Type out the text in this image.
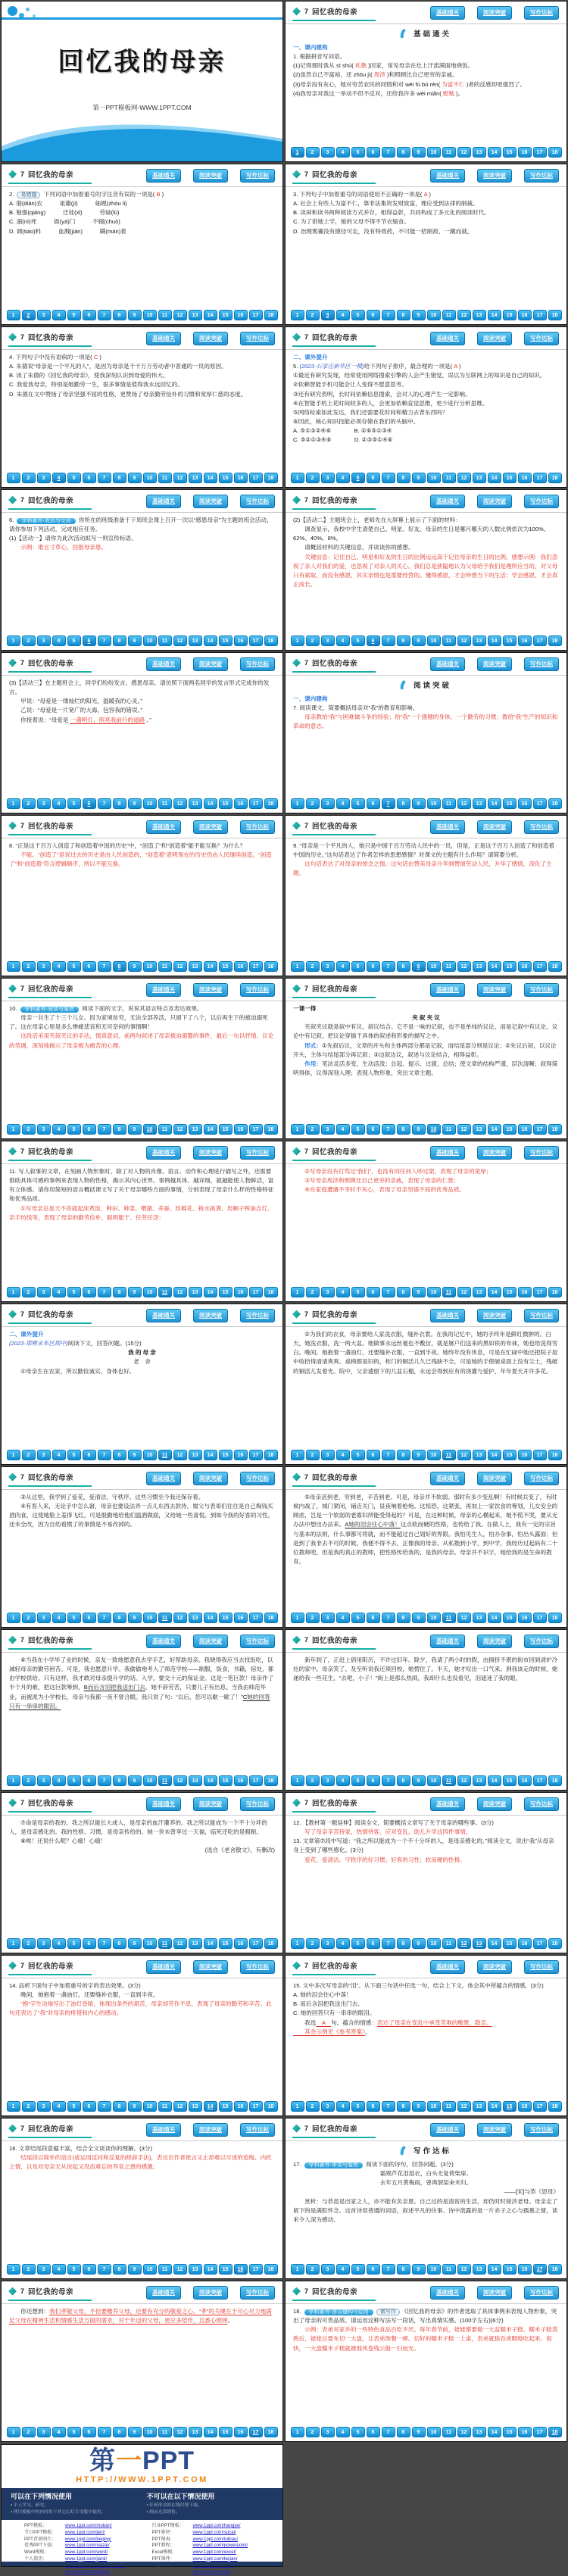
回忆我的母亲
第一PPT模板网-WWW.1PPT.COM
7 回忆我的母亲	基础通关	阅读突破	写作达标
基础通关
一、课内建构
1. 根据拼音写词语。
(1)记得那时我从 sī shú( 私塾 )回家，常见母亲在灶上汗流满面地烧饭。
(2)虽然自己不富裕，还 zhōu jì( 周济 )和照顾比自己更穷的亲戚。
(3)母亲没有灰心，她对穷苦农民的同情和对 wéi fù bù rén( 为富不仁 )者的反感却更强烈了。
(4)我母亲对我这一举动不但不反对，还给我许多 wèi miǎn( 慰勉 )。
1	2	3	4	5	6	7	8	9	10	11	12	13	14	15	16	17	18
7 回忆我的母亲	基础通关	阅读突破	写作达标
2. 易错题 下列词语中加着重号的字注音有误的一项是( B )
A. 佃(diàn)农　　　祖籍(jí)　　　妯娌(zhóu li)
B. 勉强(qiáng)　　　迁徙(xǐ)　　　劳碌(lù)
C. 溺(nì)死　　　衙(yá)门　　　不辍(chuò)
D. 调(tiáo)料　　　血溅(jiàn)　　　瞒(mán)着
1	2	3	4	5	6	7	8	9	10	11	12	13	14	15	16	17	18
7 回忆我的母亲	基础通关	阅读突破	写作达标
3. 下列句子中加着重号的词语使用不正确的一项是( A )
A. 社会上有些人为富不仁，靠非法集资发财致富，理应受到法律的制裁。
B. 读屏和读书两种阅读方式并存，相得益彰，共同构成了多元化的阅读时代。
C. 为了供她上学，她的父母不得不节衣缩食。
D. 治理雾霾没有捷径可走，没有特效药，不可能一招制敌、一蹴而就。
1	2	3	4	5	6	7	8	9	10	11	12	13	14	15	16	17	18
7 回忆我的母亲	基础通关	阅读突破	写作达标
4. 下列句子中没有语病的一项是( C )
A. 朱德说“母亲是一个平凡的人”，是因为母亲是千千万万劳动者中普通的一员的原因。
B. 读了朱德的《回忆我的母亲》，使我深刻认识到母爱的伟大。
C. 我爱我母亲，特别是她勤劳一生，很多事情是值得我永远回忆的。
D. 朱德在文中赞扬了母亲坚强不屈的性格，更赞扬了母亲勤劳俭朴的习惯和宽厚仁慈的态度。
1	2	3	4	5	6	7	8	9	10	11	12	13	14	15	16	17	18
7 回忆我的母亲	基础通关	阅读突破	写作达标
二、课外提升
5. (2023·石家庄新华区一模)给下列句子排序，最合理的一项是( A )
①最近有研究发现，经常使用网络搜索引擎的人会产生错觉，误以为互联网上的知识是自己的知识。
②依赖智能手机可能会让人变得不愿意思考。
③还有研究表明，长时间依赖信息搜索，会对人的心理产生一定影响。
④在智能手机上花时间较多的人，会更加依赖直觉思维，更少进行分析思维。
⑤网络检索如此发达，我们还需要花时间和精力去背东西吗？
⑥因此，核心知识技能必须存储在我们的头脑中。
A. ⑤①③②④⑥　　　　B. ②⑥⑤①③④
C. ⑤②①③④⑥　　　　D. ②③⑤①④⑥
1	2	3	4	5	6	7	8	9	10	11	12	13	14	15	16	17	18
7 回忆我的母亲	基础通关	阅读突破	写作达标
6. 学科素养·表达与交流 你所在的班级准备于下周班会课上召开一次以“感恩母亲”为主题的班会活动，请你参加下列活动，完成相应任务。
(1)【活动一】请你为此次活动拟写一则宣传标语。
　　示例：谁言寸草心，回报母亲恩。
1	2	3	4	5	6	7	8	9	10	11	12	13	14	15	16	17	18
7 回忆我的母亲	基础通关	阅读突破	写作达标
(2)【活动二】主题班会上，老师先在大屏幕上展示了下面的材料：
　　调查显示，我校中学生清楚自己、明星、好友、母亲的生日是哪月哪天的人数比例依次为100%、62%、40%、8%。
　　请概括材料的关键信息，并谈谈你的感想。
　　关键信息：记住自己、明星和好友的生日的比例远远高于记住母亲的生日的比例。感想示例：我们忽视了亲人对我们的爱，也忽视了对亲人的关心。我们总是狭隘地认为父母给予我们是理所应当的，对父母只有索取，而没有感恩，其实亲情也是需要经营的。懂得感恩，才会珍惜当下的生活；学会感恩，才会真正成长。
1	2	3	4	5	6	7	8	9	10	11	12	13	14	15	16	17	18
7 回忆我的母亲	基础通关	阅读突破	写作达标
(3)【活动三】在主题班会上，同学们纷纷发言，感恩母亲。请仿照下面两名同学的发言形式完成你的发言。
　　甲说：“母爱是一缕灿烂的阳光，温暖我的心灵。”
　　乙说：“母爱是一片宽广的大海，包容我的错误。”
　　你接着说：“母爱是 一盏明灯，照亮我前行的道路 。”
1	2	3	4	5	6	7	8	9	10	11	12	13	14	15	16	17	18
7 回忆我的母亲	基础通关	阅读突破	写作达标
阅读突破
一、课内建构
7. 阅读课文，简要概括母亲对“我”的教育和影响。
　　母亲教给“我”与困难做斗争的经验；给“我”一个强健的身体，一个勤劳的习惯；教给“我”生产的知识和革命的意志。
1	2	3	4	5	6	7	8	9	10	11	12	13	14	15	16	17	18
7 回忆我的母亲	基础通关	阅读突破	写作达标
8. “正是这千百万人创造了和创造着中国的历史”中，“创造了”和“创造着”能不能互换？为什么？
　　不能。“创造了”是说过去的历史是由人民创造的，“创造着”表明现在的历史仍由人民继续创造。“创造了”和“创造着”符合逻辑顺序，所以不能互换。
1	2	3	4	5	6	7	8	9	10	11	12	13	14	15	16	17	18
7 回忆我的母亲	基础通关	阅读突破	写作达标
9. “母亲是一个平凡的人，她只是中国千百万劳动人民中的一员，但是，正是这千百万人创造了和创造着中国的历史。”这句话表达了作者怎样的思想感情？对课文的主题有什么作用？请简要分析。
　　这句话表达了对母亲的悼念之情。这句话由赞美母亲升华到赞颂劳动人民，升华了感情，深化了主题。
1	2	3	4	5	6	7	8	9	10	11	12	13	14	15	16	17	18
7 回忆我的母亲	基础通关	阅读突破	写作达标
10. 学科素养·阅读与鉴赏 阅读下面的文字，说说其语言特点及表达效果。
　　母亲一共生了十三个儿女。因为家境贫穷，无法全部养活，只留下了八个，以后再生下的被迫溺死了。这在母亲心里是多么惨痛悲哀和无可奈何的事情啊！
　　这段话采用夹叙夹议的手法，情真意切。前两句叙述了母亲被迫溺婴的事件，最后一句以抒情、议论的笔调，深刻地揭示了母亲极为痛苦的心理。
1	2	3	4	5	6	7	8	9	10	11	12	13	14	15	16	17	18
7 回忆我的母亲	基础通关	阅读突破	写作达标
一课一得
夹 叙 夹 议
　　夹叙夹议就是叙中有议，叙议结合。它不是一味的记叙，也不是单纯的议论，而是记叙中有议论，议论中有记叙，把议论穿插于具体的叙述和形象的描写之中。
　　形式：①先叙后议，文章的开头和主体两部分都是记叙，而结尾部分则是议论；②先议后叙，以议论开头，主体与结尾部分再记叙；③边叙边议，叙述与议论结合，相得益彰。
　　作用：笔法灵活多变、生动活泼；总起、提示、过渡、总结；使文章的结构严谨，层次清晰；叙得简明得体，议得深刻入理；表现人物形象，突出文章主题。
1	2	3	4	5	6	7	8	9	10	11	12	13	14	15	16	17	18
7 回忆我的母亲	基础通关	阅读突破	写作达标
11. 写人叙事的文章，在刻画人物形象时，除了对人物的肖像、语言、动作和心理进行描写之外，还需要借助具体可感的事例来表现人物的性格，揭示其内心世界。事例越具体、越详细，就越能使人物鲜活，富有立体感。请你用简短的语言概括课文写了关于母亲哪些方面的事情，分别表现了母亲什么样的性格特征和优秀品质。
　　①写母亲总是天不亮就起床煮饭、种田、种菜、喂猪、养蚕、纺棉花、挑水挑粪、用桐子榨油点灯、亲手纺线等，表现了母亲的勤劳俭朴、聪明能干、任劳任怨；
1	2	3	4	5	6	7	8	9	10	11	12	13	14	15	16	17	18
7 回忆我的母亲	基础通关	阅读突破	写作达标
　　②写母亲没有打骂过“我们”，也没有同任何人吵过架，表现了母亲的宽厚；
　　③写母亲周济和照顾比自己更穷的亲戚，表现了母亲的仁慈；
　　④在家庭遭遇不幸时不灰心，表现了母亲坚强不屈的优秀品质。
1	2	3	4	5	6	7	8	9	10	11	12	13	14	15	16	17	18
7 回忆我的母亲	基础通关	阅读突破	写作达标
二、课外提升
(2023·邯郸永年区期中)阅读下文，回答问题。(15分)
我 的 母 亲
老　舍
　　①母亲生在农家，所以勤俭诚实，身体也好。
1	2	3	4	5	6	7	8	9	10	11	12	13	14	15	16	17	18
7 回忆我的母亲	基础通关	阅读突破	写作达标
　　②为我们的衣食，母亲要给人家洗衣服，缝补衣裳。在我的记忆中，她的手终年是鲜红微肿的。白天，她洗衣服，洗一两大盆。她做事永远丝毫也不敷衍，就是屠户们送来的黑如铁的布袜，她也给洗得雪白。晚间，她抱着一盏油灯，还要缝补衣服，一直到半夜。她终年没有休息，可是在忙碌中她还把院子屋中收拾得清清爽爽。桌椅都是旧的，柜门的铜活儿久已残缺不全，可是她的手使破桌面上没有尘土，残破的铜活儿发着光。院中，父亲遗留下的几盆石榴，永远会得到应有的浇灌与爱护，年年夏天开许多花。
1	2	3	4	5	6	7	8	9	10	11	12	13	14	15	16	17	18
7 回忆我的母亲	基础通关	阅读突破	写作达标
　　③从这里，我学到了爱花，爱清洁，守秩序。这些习惯至今我还保存着。
　　④有客人来，无论手中怎么窘，母亲也要设法弄一点儿东西去款待。舅父与表哥们往往是自己掏钱买酒肉食，这使她脸上羞得飞红，可是殷勤地给他们温酒做面，又给她一些喜悦。到如今我的好客的习性，还未全改，因为自幼看惯了的事情是不易改掉的。
1	2	3	4	5	6	7	8	9	10	11	12	13	14	15	16	17	18
7 回忆我的母亲	基础通关	阅读突破	写作达标
　　⑤母亲活到老，穷到老，辛苦到老。可是，母亲并不软弱。那时有多少变乱啊！有时候兵变了，有时候内战了，城门紧闭，铺店关门，昼夜响着枪炮。这惊恐，这紧张，再加上一家饮食的筹划，儿女安全的顾虑，岂是一个软弱的老寡妇所能受得起的？可是，在这种时候，母亲的心横起来，她不慌不哭，要从无办法中想出办法来。A她的泪会往心中落！这点软而硬的性格，也传给了我。在做人上，我有一定的宗旨与基本的法则，什么事都可将就，而不能超过自己划好的界限。我怕见生人，怕办杂事，怕出头露面；但是到了我非去不可的时候，我便不得不去，正像我的母亲。从私塾到小学，到中学，我经历过起码有二十位教师吧，但是我的真正的教师，把性格传给我的，是我的母亲。母亲并不识字，她给我的是生命的教育。
1	2	3	4	5	6	7	8	9	10	11	12	13	14	15	16	17	18
7 回忆我的母亲	基础通关	阅读突破	写作达标
　　⑥当我在小学毕了业的时候，亲友一致地愿意我去学手艺，好帮助母亲。我晓得我应当去找饭吃，以减轻母亲的勤劳困苦。可是，我也愿意升学。我偷偷地考入了师范学校——制服，饭食，书籍，宿处，都由学校供给。只有这样，我才敢对母亲提升学的话。入学，要交十元的保证金。这是一笔巨款！母亲作了半个月的难，把这巨款筹到，B而后含泪把我送出门去。她不辞劳苦，只要儿子有出息。当我由师范毕业，而被派为小学校长，母亲与我都一夜不曾合眼。我只说了句：“以后，您可以歇一歇了！”C她的回答只有一串串的眼泪。
1	2	3	4	5	6	7	8	9	10	11	12	13	14	15	16	17	18
7 回忆我的母亲	基础通关	阅读突破	写作达标
　　新年到了，正赶上倡用阳历，不许过旧年。除夕，我请了两小时的假，由拥挤不堪的街市回到清炉冷灶的家中。母亲笑了。及至听说我还须回校，她愣住了。半天，她才叹出一口气来。到我该走的时候，她递给我一些花生，“去吧，小子！”街上是那么热闹，我却什么也没看见，泪遮迷了我的眼。
1	2	3	4	5	6	7	8	9	10	11	12	13	14	15	16	17	18
7 回忆我的母亲	基础通关	阅读突破	写作达标
　　⑦命是母亲给我的。我之所以能长大成人，是母亲的血汗灌养的。我之所以能成为一个不十分坏的人，是母亲感化的。我的性格、习惯，是母亲传给的。她一世未曾享过一天福，临死还吃的是粗粮。
　　⑧唉！还说什么呢？心痛！心痛！
(选自《老舍散文》，有删改)
1	2	3	4	5	6	7	8	9	10	11	12	13	14	15	16	17	18
7 回忆我的母亲	基础通关	阅读突破	写作达标
12. 【教材第一题延伸】阅读全文，简要概括文章写了关于母亲的哪些事。(3分)
　　写了母亲辛苦持家，热情待客，应对变乱，助儿升学这四件事情。
13. 文章第⑦段中写道：“我之所以能成为一个不十分坏的人，是母亲感化的。”阅读全文，说出“我”从母亲身上受到了哪些感化。(3分)
　　爱花、爱清洁、守秩序的好习惯；好客的习性；软而硬的性格。
1	2	3	4	5	6	7	8	9	10	11	12	13	14	15	16	17	18
7 回忆我的母亲	基础通关	阅读突破	写作达标
14. 品析下面句子中加着重号的字的表达效果。(3分)
　　晚间，她抱着一盏油灯，还要缝补衣服，一直到半夜。
　　“抱”字生动地写出了油灯昏暗，体现出条件的艰苦，母亲却劳作不息，表现了母亲的勤劳和辛苦。此句还表达了“我”对母亲的疼惜和内心的感动。
1	2	3	4	5	6	7	8	9	10	11	12	13	14	15	16	17	18
7 回忆我的母亲	基础通关	阅读突破	写作达标
15. 文中多次写母亲的“泪”。从下面三句话中任选一句，结合上下文，体会其中所蕴含的情感。(3分)
A. 她的泪会往心中落！
B. 而后含泪把我送出门去。
C. 她的回答只有一串串的眼泪。
　　我选　A　句，蕴含的情感：表达了母亲在变乱中承受苦难的酸楚、隐忍。
　　其余示例见《参考答案》。
1	2	3	4	5	6	7	8	9	10	11	12	13	14	15	16	17	18
7 回忆我的母亲	基础通关	阅读突破	写作达标
16. 文章结尾段意蕴丰富，结合全文谈谈你的理解。(3分)
　　结尾段以简朴的语言(或运用反问和反复的修辞手法)，表达出作者欲言又止却难以尽述的追悔、内疚之情，以及对母亲无从说起又没齿难忘的养育之恩的感激。
1	2	3	4	5	6	7	8	9	10	11	12	13	14	15	16	17	18
7 回忆我的母亲	基础通关	阅读突破	写作达标
写作达标
17. 学科素养·审美与鉴赏 阅读下面的诗句，回答问题。(3分)
霜殒芦花泪湿衣，白头无复倚柴扉。
去年五月黄梅雨，曾典袈裟籴米归。
——[宋]与恭《思母》
　　赏析：与恭虽是出家之人，亦不能有负亲恩。自己过的是清贫的生活，却仍时时接济老母。母亲走了留下的是满腔怀念。这首诗用普通的词语，叙述平凡的往事。诗中流露的是一片赤子之心与孺慕之情，读来令人深为感动。
1	2	3	4	5	6	7	8	9	10	11	12	13	14	15	16	17	18
7 回忆我的母亲	基础通关	阅读突破	写作达标
　　你还想到：我们孝敬父母，不但要赡养父母，还要有充分的敬爱之心。“孝”的关键在于尽心尽力地满足父母在精神生活和情感生活方面的需求，对于年迈的父母，更应多陪伴，且悉心照顾。
1	2	3	4	5	6	7	8	9	10	11	12	13	14	15	16	17	18
7 回忆我的母亲	基础通关	阅读突破	写作达标
18. 学科素养·语言建构与运用 微写作 《回忆我的母亲》的作者选取了具体事例来表现人物形象，突出了母亲的可贵品质。请运用这种写法写一段话，写出真情实感。(100字左右)(6分)
　　示例：表弟对家乡的一些特色食品百吃不厌。每年春节前，姥姥都要做一大盆糯米子糕。糯米子糕蒸熟后，姥姥总要先切一大盘，让表弟饱餐一顿。切好的糯米子糕一上桌，表弟就狼吞虎咽地吃起来。很快，一大盘糯米子糕就被他风卷残云般一扫而光。
1	2	3	4	5	6	7	8	9	10	11	12	13	14	15	16	17	18
第一PPT
HTTP://WWW.1PPT.COM
可以在下列情况使用
▪ 个人学习、研究。
▪ 拷贝模板中的内容用于其它幻灯片母版中使用。
不可以在以下情况使用
▪ 任何形式的在线付费下载。
▪ 刻录光盘销售。
PPT模板：	www.1ppt.com/moban/
节日PPT模板：	www.1ppt.com/jieri/
PPT背景图片：	www.1ppt.com/beijing/
优秀PPT下载：	www.1ppt.com/xiazai/
Word模板：	www.1ppt.com/word/
个人简历：	www.1ppt.com/jianli/
教案下载：	www.1ppt.com/jiaoan/
行业PPT模板：	www.1ppt.com/hangye/
PPT素材：	www.1ppt.com/sucai/
PPT图表：	www.1ppt.com/tubiao/
PPT教程：	www.1ppt.com/powerpoint/
Excel模板：	www.1ppt.com/excel/
PPT课件：	www.1ppt.com/kejian/
字体下载：	www.1ppt.com/ziti/
